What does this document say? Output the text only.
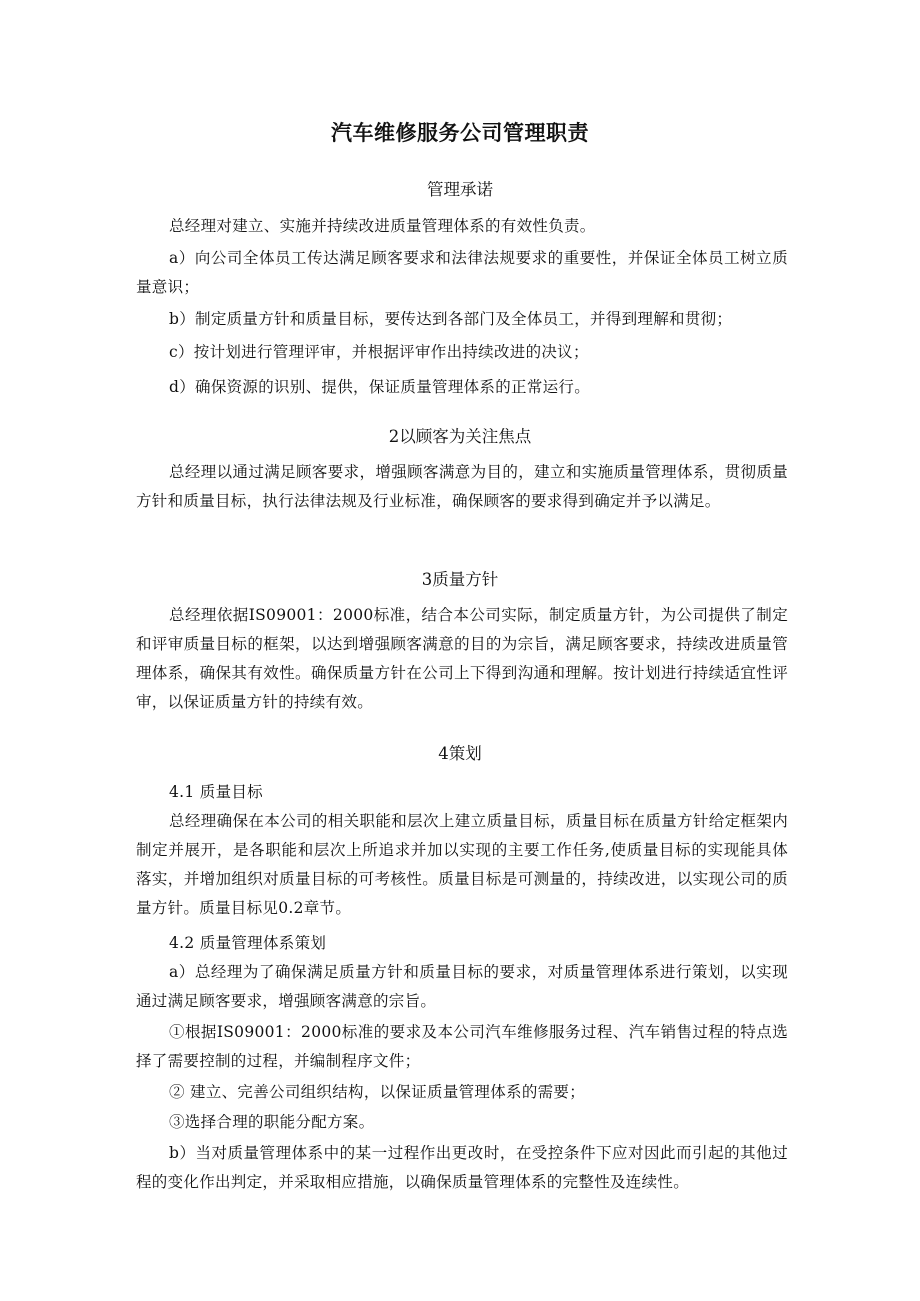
汽车维修服务公司管理职责
管理承诺

总经理对建立、实施并持续改进质量管理体系的有效性负责。

a）向公司全体员工传达满足顾客要求和法律法规要求的重要性，并保证全体员工树立质量意识；

b）制定质量方针和质量目标，要传达到各部门及全体员工，并得到理解和贯彻；

c）按计划进行管理评审，并根据评审作出持续改进的决议；

d）确保资源的识别、提供，保证质量管理体系的正常运行。

2以顾客为关注焦点

总经理以通过满足顾客要求，增强顾客满意为目的，建立和实施质量管理体系，贯彻质量方针和质量目标，执行法律法规及行业标准，确保顾客的要求得到确定并予以满足。

3质量方针

总经理依据IS09001：2000标准，结合本公司实际，制定质量方针，为公司提供了制定和评审质量目标的框架，以达到增强顾客满意的目的为宗旨，满足顾客要求，持续改进质量管理体系，确保其有效性。确保质量方针在公司上下得到沟通和理解。按计划进行持续适宜性评审，以保证质量方针的持续有效。

4策划

4.1 质量目标

总经理确保在本公司的相关职能和层次上建立质量目标，质量目标在质量方针给定框架内制定并展开，是各职能和层次上所追求并加以实现的主要工作任务,使质量目标的实现能具体落实，并增加组织对质量目标的可考核性。质量目标是可测量的，持续改进，以实现公司的质量方针。质量目标见0.2章节。

4.2 质量管理体系策划

a）总经理为了确保满足质量方针和质量目标的要求，对质量管理体系进行策划，以实现通过满足顾客要求，增强顾客满意的宗旨。

①根据IS09001：2000标准的要求及本公司汽车维修服务过程、汽车销售过程的特点选择了需要控制的过程，并编制程序文件；

② 建立、完善公司组织结构，以保证质量管理体系的需要；

③选择合理的职能分配方案。

b）当对质量管理体系中的某一过程作出更改时，在受控条件下应对因此而引起的其他过程的变化作出判定，并采取相应措施，以确保质量管理体系的完整性及连续性。
